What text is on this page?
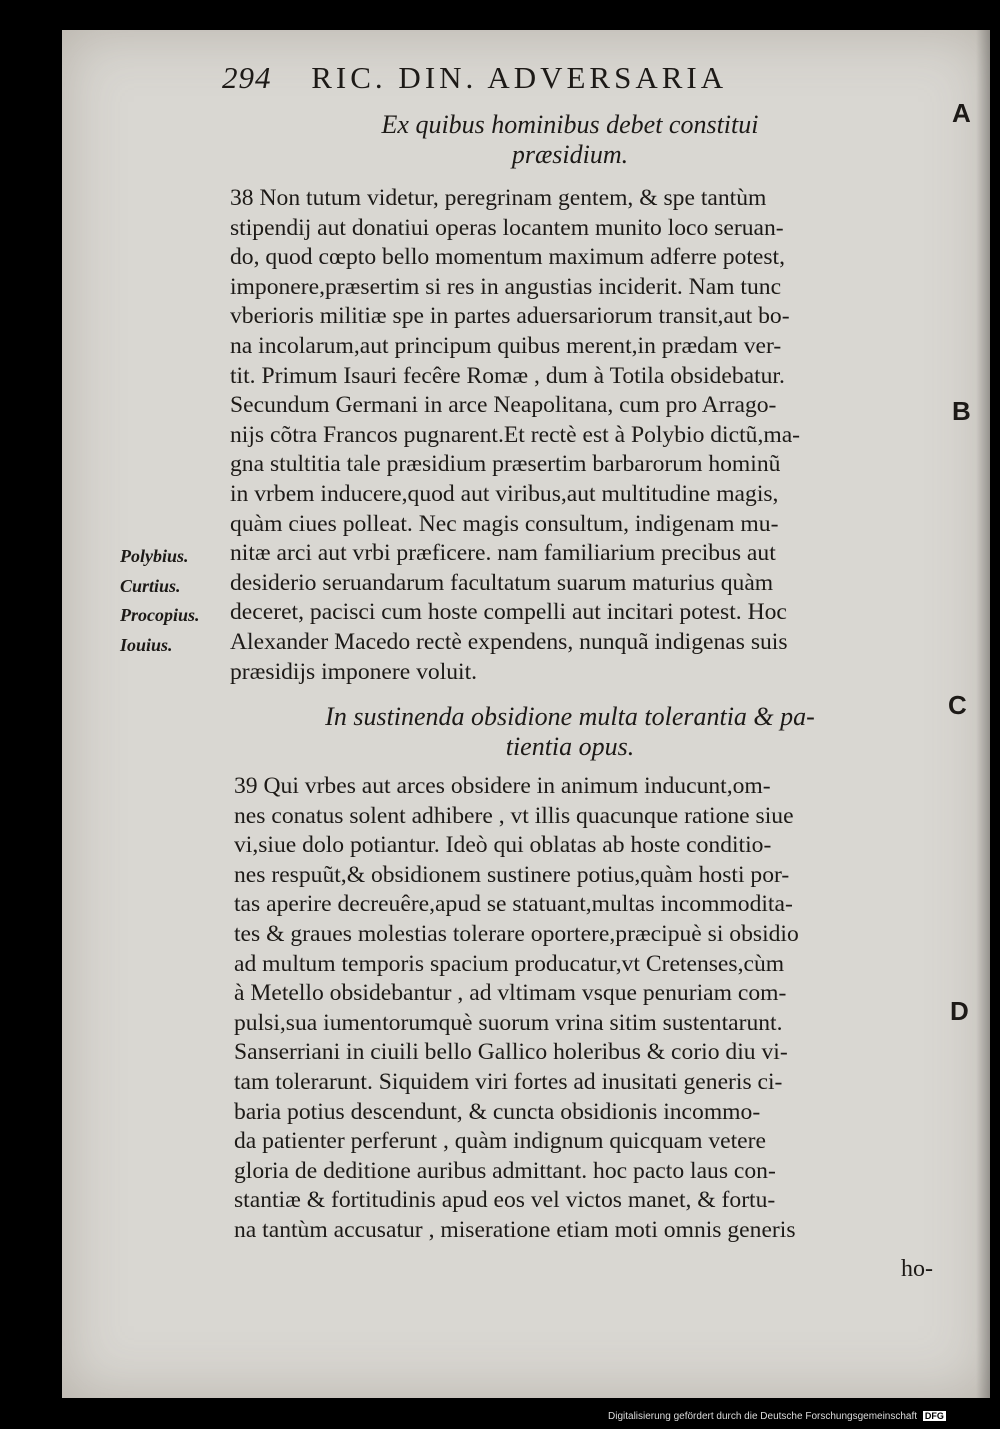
294 RIC. DIN. ADVERSARIA
A
B
C
D
Ex quibus hominibus debet constitui
præsidium.
38 Non tutum videtur, peregrinam gentem, & spe tantùm
stipendij aut donatiui operas locantem munito loco seruan-
do, quod cœpto bello momentum maximum adferre potest,
imponere,præsertim si res in angustias inciderit. Nam tunc
vberioris militiæ spe in partes aduersariorum transit,aut bo-
na incolarum,aut principum quibus merent,in prædam ver-
tit. Primum Isauri fecêre Romæ , dum à Totila obsidebatur.
Secundum Germani in arce Neapolitana, cum pro Arrago-
nijs cõtra Francos pugnarent.Et rectè est à Polybio dictũ,ma-
gna stultitia tale præsidium præsertim barbarorum hominũ
in vrbem inducere,quod aut viribus,aut multitudine magis,
quàm ciues polleat. Nec magis consultum, indigenam mu-
nitæ arci aut vrbi præficere. nam familiarium precibus aut
desiderio seruandarum facultatum suarum maturius quàm
deceret, pacisci cum hoste compelli aut incitari potest. Hoc
Alexander Macedo rectè expendens, nunquã indigenas suis
præsidijs imponere voluit.
Polybius.
Curtius.
Procopius.
Iouius.
In sustinenda obsidione multa tolerantia & pa-
tientia opus.
39 Qui vrbes aut arces obsidere in animum inducunt,om-
nes conatus solent adhibere , vt illis quacunque ratione siue
vi,siue dolo potiantur. Ideò qui oblatas ab hoste conditio-
nes respuũt,& obsidionem sustinere potius,quàm hosti por-
tas aperire decreuêre,apud se statuant,multas incommodita-
tes & graues molestias tolerare oportere,præcipuè si obsidio
ad multum temporis spacium producatur,vt Cretenses,cùm
à Metello obsidebantur , ad vltimam vsque penuriam com-
pulsi,sua iumentorumquè suorum vrina sitim sustentarunt.
Sanserriani in ciuili bello Gallico holeribus & corio diu vi-
tam tolerarunt. Siquidem viri fortes ad inusitati generis ci-
baria potius descendunt, & cuncta obsidionis incommo-
da patienter perferunt , quàm indignum quicquam vetere
gloria de deditione auribus admittant. hoc pacto laus con-
stantiæ & fortitudinis apud eos vel victos manet, & fortu-
na tantùm accusatur , miseratione etiam moti omnis generis
ho-
Digitalisierung gefördert durch die Deutsche Forschungsgemeinschaft DFG
